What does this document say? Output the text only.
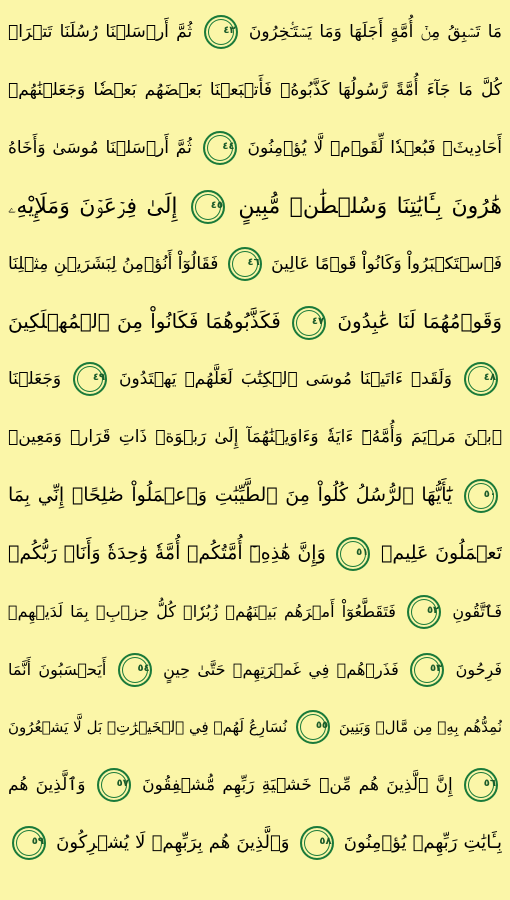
مَا تَسۡبِقُ مِنۡ أُمَّةٍ أَجَلَهَا وَمَا يَسۡتَـٔۡخِرُونَ ٤٣ ثُمَّ أَرۡسَلۡنَا رُسُلَنَا تَتۡرَاۖ
كُلَّ مَا جَآءَ أُمَّةً رَّسُولُهَا كَذَّبُوهُۖ فَأَتۡبَعۡنَا بَعۡضَهُم بَعۡضٗا وَجَعَلۡنَٰهُمۡ
أَحَادِيثَۚ فَبُعۡدٗا لِّقَوۡمٖ لَّا يُؤۡمِنُونَ ٤٤ ثُمَّ أَرۡسَلۡنَا مُوسَىٰ وَأَخَاهُ
هَٰرُونَ بِـَٔايَٰتِنَا وَسُلۡطَٰنٖ مُّبِينٍ ٤٥ إِلَىٰ فِرۡعَوۡنَ وَمَلَإِيْهِۦ
فَٱسۡتَكۡبَرُواْ وَكَانُواْ قَوۡمًا عَالِينَ ٤٦ فَقَالُوٓاْ أَنُؤۡمِنُ لِبَشَرَيۡنِ مِثۡلِنَا
وَقَوۡمُهُمَا لَنَا عَٰبِدُونَ ٤٧ فَكَذَّبُوهُمَا فَكَانُواْ مِنَ ٱلۡمُهۡلَكِينَ
٤٨ وَلَقَدۡ ءَاتَيۡنَا مُوسَى ٱلۡكِتَٰبَ لَعَلَّهُمۡ يَهۡتَدُونَ ٤٩ وَجَعَلۡنَا
ٱبۡنَ مَرۡيَمَ وَأُمَّهُۥٓ ءَايَةٗ وَءَاوَيۡنَٰهُمَآ إِلَىٰ رَبۡوَةٖ ذَاتِ قَرَارٖ وَمَعِينٖ
٥٠ يَٰٓأَيُّهَا ٱلرُّسُلُ كُلُواْ مِنَ ٱلطَّيِّبَٰتِ وَٱعۡمَلُواْ صَٰلِحًاۖ إِنِّي بِمَا
تَعۡمَلُونَ عَلِيمٞ ٥١ وَإِنَّ هَٰذِهِۦٓ أُمَّتُكُمۡ أُمَّةٗ وَٰحِدَةٗ وَأَنَا۠ رَبُّكُمۡ
فَٱتَّقُونِ ٥٢ فَتَقَطَّعُوٓاْ أَمۡرَهُم بَيۡنَهُمۡ زُبُرٗاۖ كُلُّ حِزۡبِۭ بِمَا لَدَيۡهِمۡ
فَرِحُونَ ٥٣ فَذَرۡهُمۡ فِي غَمۡرَتِهِمۡ حَتَّىٰ حِينٍ ٥٤ أَيَحۡسَبُونَ أَنَّمَا
نُمِدُّهُم بِهِۦ مِن مَّالٖ وَبَنِينَ ٥٥ نُسَارِعُ لَهُمۡ فِي ٱلۡخَيۡرَٰتِۚ بَل لَّا يَشۡعُرُونَ
٥٦ إِنَّ ٱلَّذِينَ هُم مِّنۡ خَشۡيَةِ رَبِّهِم مُّشۡفِقُونَ ٥٧ وَٱلَّذِينَ هُم
بِـَٔايَٰتِ رَبِّهِمۡ يُؤۡمِنُونَ ٥٨ وَٱلَّذِينَ هُم بِرَبِّهِمۡ لَا يُشۡرِكُونَ ٥٩
